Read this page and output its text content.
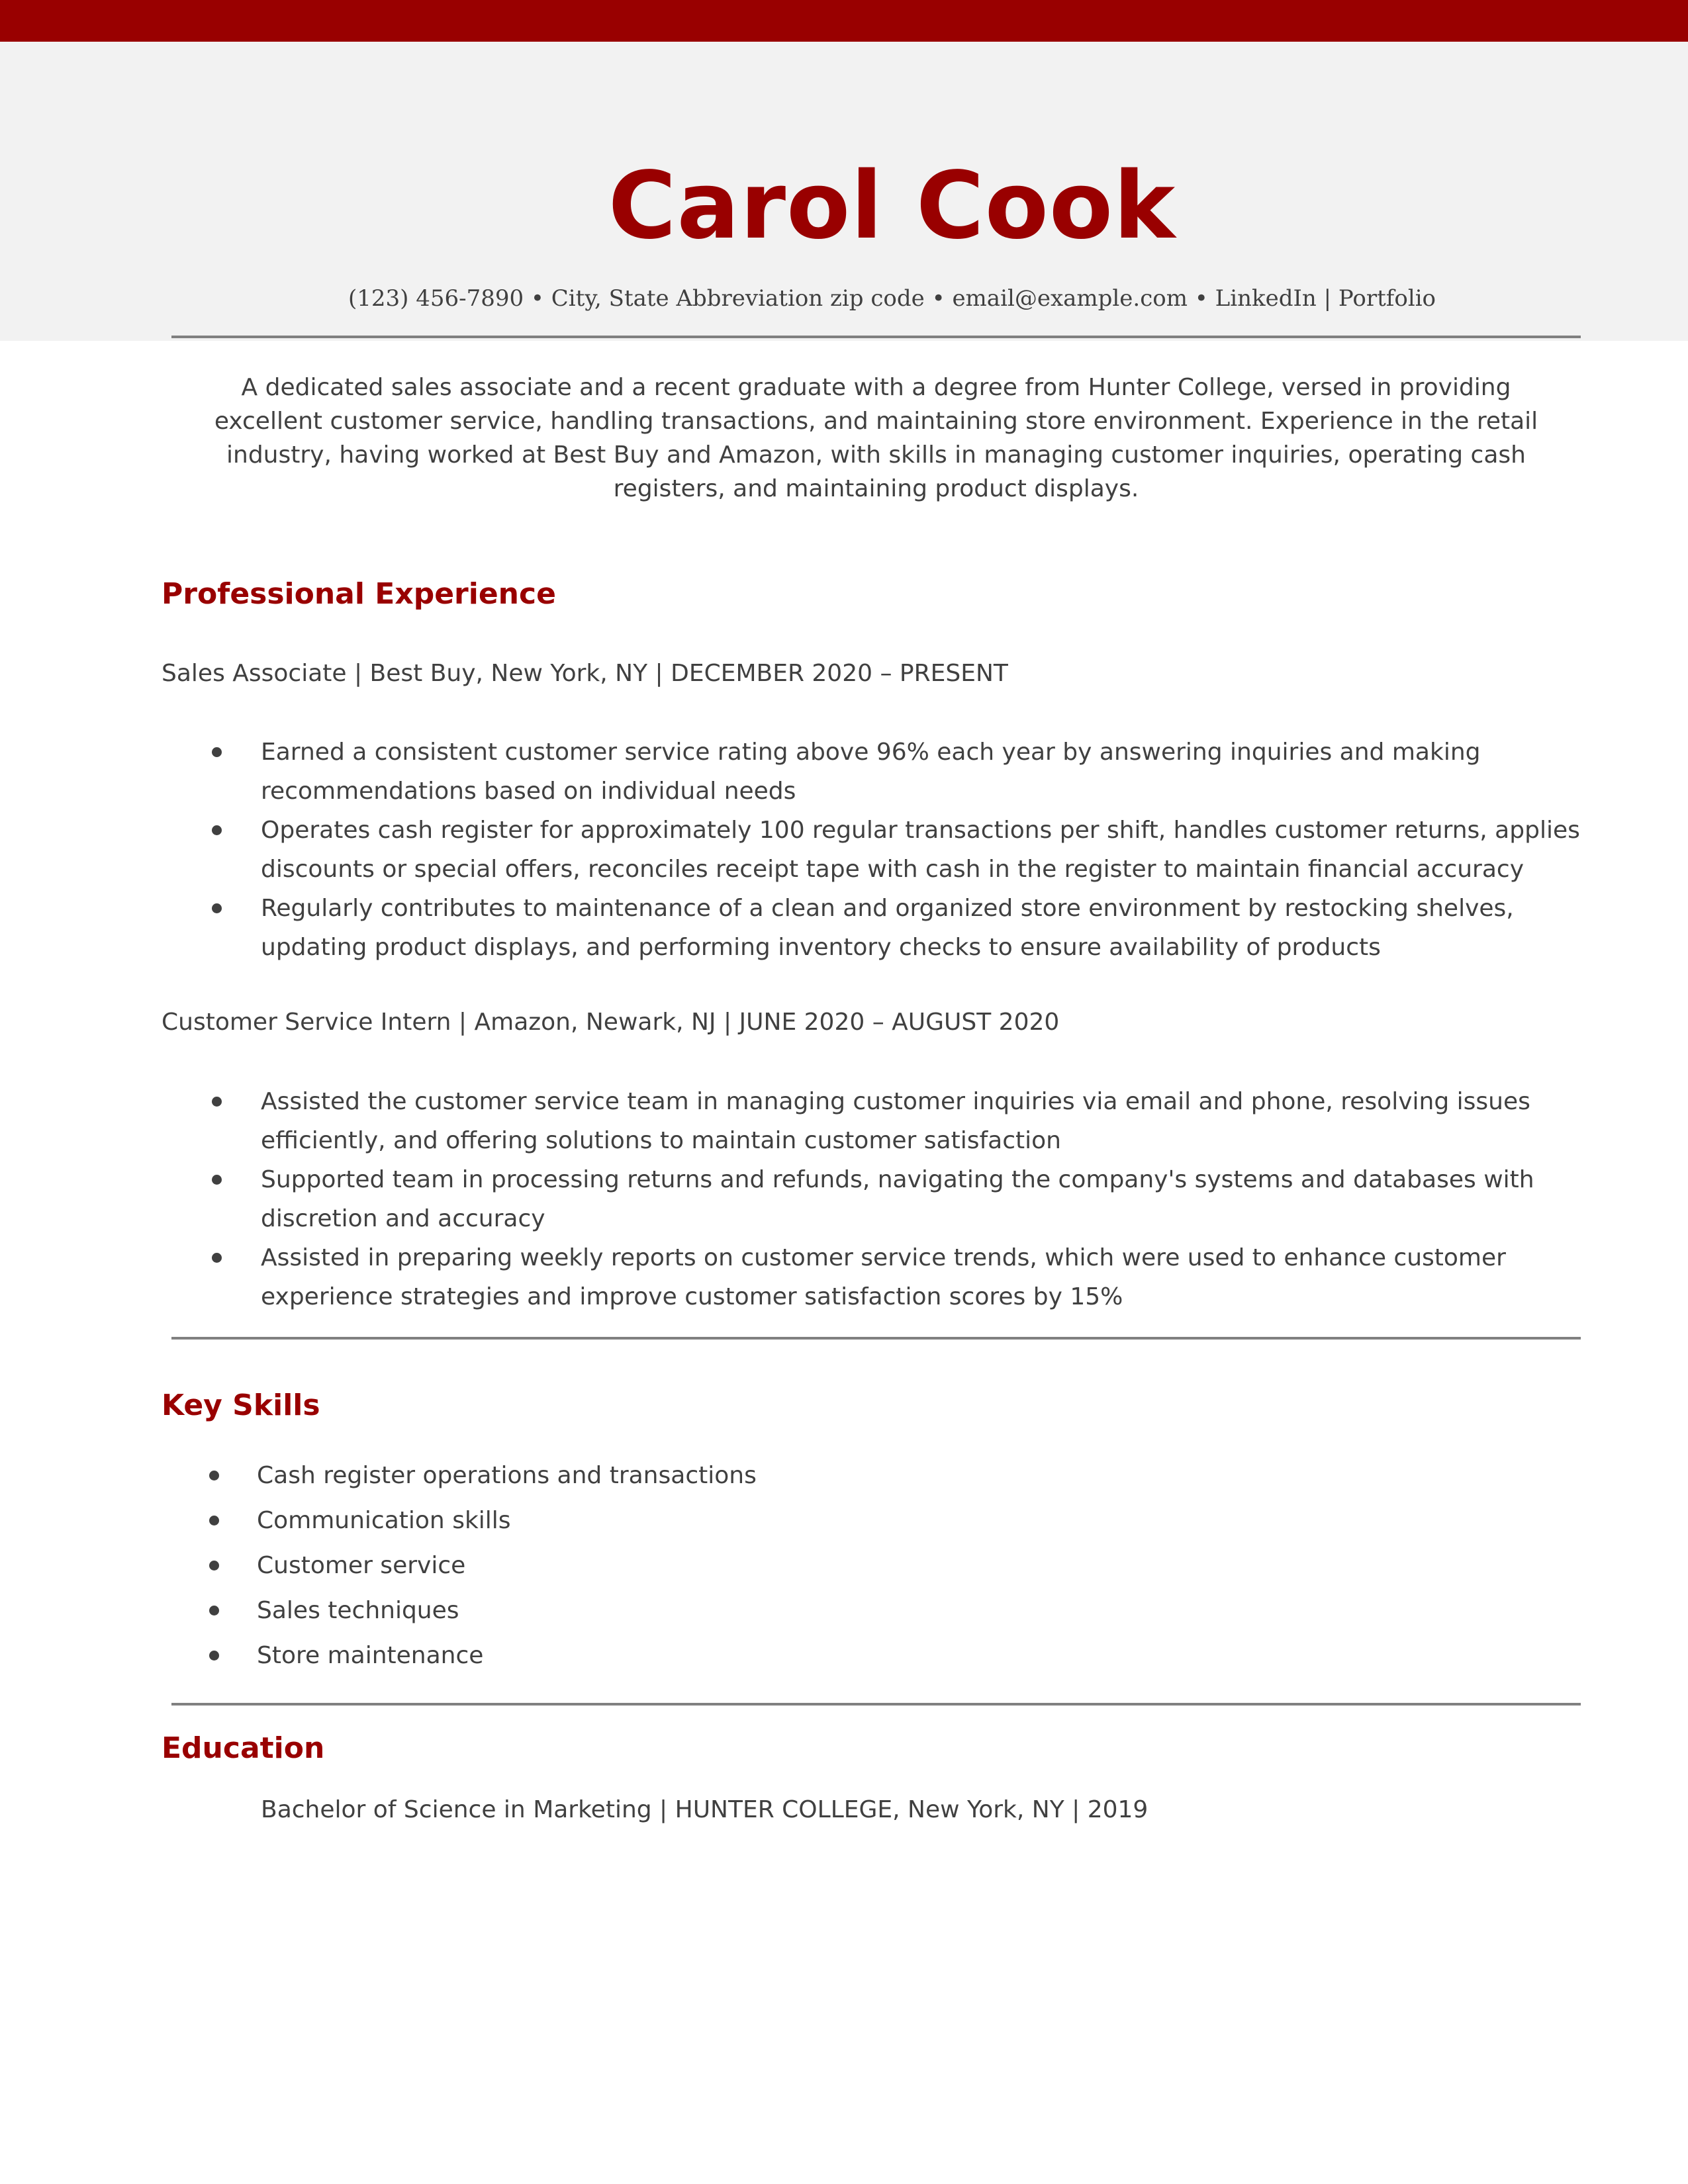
Carol Cook
(123) 456-7890 • City, State Abbreviation zip code • email@example.com • LinkedIn | Portfolio
A dedicated sales associate and a recent graduate with a degree from Hunter College, versed in providing excellent customer service, handling transactions, and maintaining store environment. Experience in the retail industry, having worked at Best Buy and Amazon, with skills in managing customer inquiries, operating cash registers, and maintaining product displays.
Professional Experience
Sales Associate | Best Buy, New York, NY | DECEMBER 2020 – PRESENT
Earned a consistent customer service rating above 96% each year by answering inquiries and making recommendations based on individual needs
Operates cash register for approximately 100 regular transactions per shift, handles customer returns, applies discounts or special offers, reconciles receipt tape with cash in the register to maintain financial accuracy
Regularly contributes to maintenance of a clean and organized store environment by restocking shelves, updating product displays, and performing inventory checks to ensure availability of products
Customer Service Intern | Amazon, Newark, NJ | JUNE 2020 – AUGUST 2020
Assisted the customer service team in managing customer inquiries via email and phone, resolving issues efficiently, and offering solutions to maintain customer satisfaction
Supported team in processing returns and refunds, navigating the company's systems and databases with discretion and accuracy
Assisted in preparing weekly reports on customer service trends, which were used to enhance customer experience strategies and improve customer satisfaction scores by 15%
Key Skills
Cash register operations and transactions
Communication skills
Customer service
Sales techniques
Store maintenance
Education
Bachelor of Science in Marketing | HUNTER COLLEGE, New York, NY | 2019
